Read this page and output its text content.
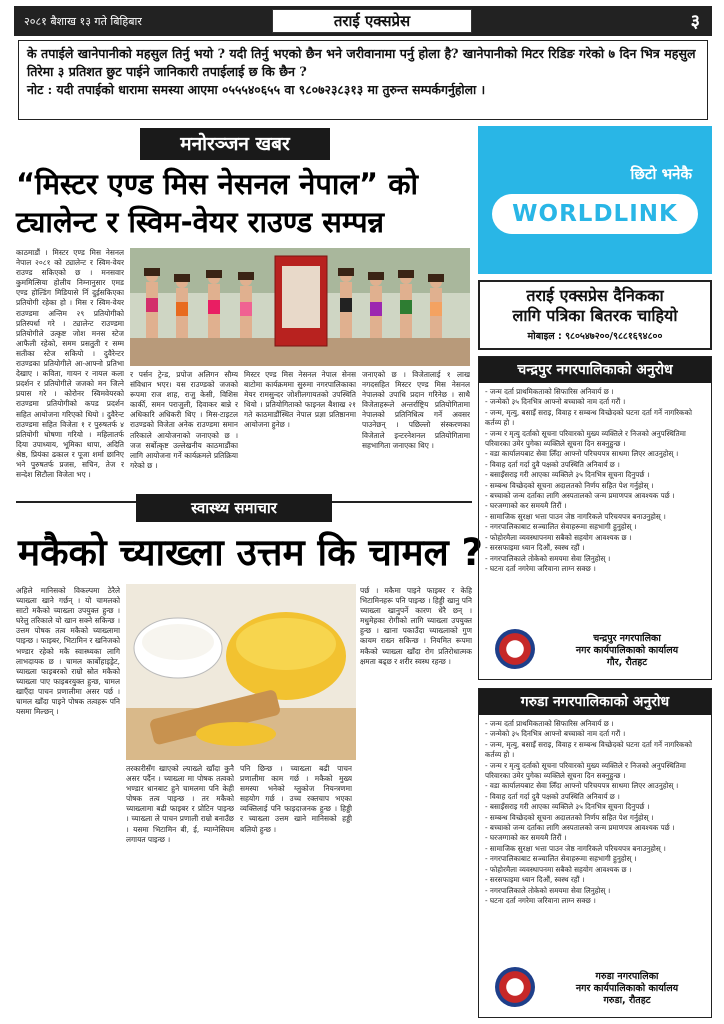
२०८१ बैशाख १३ गते बिहिबार	तराई एक्सप्रेस	३
के तपाईले खानेपानीको महसुल तिर्नु भयो ? यदी तिर्नु भएको छैन भने जरीवानामा पर्नु होला है? खानेपानीको मिटर रिडिङ गरेको ७ दिन भित्र महसुल तिरेमा ३ प्रतिशत छुट पाईने जानिकारी तपाईलाई छ कि छैन ?
नोट : यदी तपाईको धारामा समस्या आएमा ०५५५४०६५५ वा ९८०७२३८३१३ मा तुरुन्त सम्पर्कगर्नुहोला ।
मनोरञ्जन खबर
“मिस्टर एण्ड मिस नेसनल नेपाल” को
ट्यालेन्ट र स्विम-वेयर राउण्ड सम्पन्न
काठमाडौं । मिस्टर एण्ड मिस नेसनल नेपाल २०८१ को ट्यालेन्ट र स्विम-वेयर राउण्ड सकिएको छ । मनसवार कुममित्सिया होलीय निम्नानुसार एमड एण्ड होल्डिंग मिडियासे र्नि दुईसकिएका प्रतियोगी रहेका हो । मिस र स्विम-वेयर राउण्डमा अन्तिम २९ प्रतियोगीको प्रतिस्पर्धा गरे । ट्यालेन्ट राउण्डमा प्रतियोगीले उत्कृष्ट जोश मनस स्टेज आफैली रहेको, समम प्रसतुती र सम्म सतीका स्टेज सकियो । दुवैरेन्टर राउण्डका प्रतियोगीले आ-आफ्नो प्रतिभा देखाए । कविता, गायन र नायल कला प्रदर्शन र प्रतियोगीले जजको मन जित्ने प्रयास गरे । कोरोनर स्विमवेयरको राउण्डमा प्रतियोगीको कपड प्रदर्शन सहित आयोजना गरिएको थियो । दुवैरेन्ट राउण्डमा सहित विजेता १ र पुरुषतर्फ ४ प्रतियोगी घोषणा गरियो । महिलातर्फ दिया उपाध्याय, भूमिका थापा, अदिति श्रेष्ठ, प्रियंका ढकाल र पूजा शर्मा छानिए भने पुरुषतर्फ प्रजस, सचिन, तेज र सन्देश सिटौला विजेता भए ।
र पर्सन ट्रेन्ड, प्रपोज अलिगन सौम्य संविधान भएर। यस राउण्डको जजको रूपमा राज शाह, राजु केसी, विशिस कार्की, समन पराजुली, दिवाकर बान्ने र अधिकारि अधिकरी थिए । मिस-टाइटल राउण्डको विजेता अनेक राउण्डमा समान तरिकाले आयोजनाको जनाएको छ । जज सर्बोत्कृष्ट उल्लेखनीय काठमाडौंका लागि आयोजना गर्ने कार्यक्रमले प्रतिक्रिया गरेको छ ।
मिस्टर एण्ड मिस नेसनल नेपाल सेनस बाटोमा कार्यक्रममा सुरुमा नगरपालिकाका मेयर रामसुन्दर जोशीलगायतको उपस्थिति थियो । प्रतियोगिताको फाइनल बैशाख २१ गते काठमाडौंस्थित नेपाल प्रज्ञा प्रतिष्ठानमा आयोजना हुनेछ ।
जनाएको छ । विजेतालाई १ लाख नगदसहित मिस्टर एण्ड मिस नेसनल नेपालको उपाधि प्रदान गरिनेछ । साथै विजेताहरूले अन्तर्राष्ट्रिय प्रतियोगितामा नेपालको प्रतिनिधित्व गर्ने अवसर पाउनेछन् । पछिल्लो संस्करणका विजेताले इन्टरनेशनल प्रतियोगितामा सहभागिता जनाएका थिए ।
स्वास्थ्य समाचार
मकैको च्याख्ला उत्तम कि चामल ?
अहिले मानिसको विकल्पमा ठेरैले च्याख्ला खाने गर्छन् । यो चामलको साटो मकैको च्याख्ला उपयुक्त हुन्छ । घरेलु तरिकाले यो खान सक्ने सकिन्छ । उत्तम पोषक तत्व मकैको च्याख्लामा पाइन्छ । फाइबर, भिटामिन र खनिजको भण्डार रहेको मकै स्वास्थ्यका लागि लाभदायक छ । चामल कार्बोहाइड्रेट, च्याख्ला फाइबरको राम्रो स्रोत मकैको च्याख्ला पाए फाइबरयुक्त हुन्छ, चामल खाएँदा पाचन प्रणालीमा असर पर्छ । चामल खाँदा पाइने पोषक तत्वहरू पनि यसमा मिल्छन् ।
तरकारीसँग खाएको ल्याख्ले खाँदा कुनै असर पर्दैन । च्याख्ला मा पोषक तत्वको भण्डार धानबाट हुने चामलमा पनि केही पोषक तत्व पाइन्छ । तर मकैको च्याख्लामा बढी फाइबर र प्रोटिन पाइन्छ । च्याख्ला ले पाचन प्रणाली राम्रो बनाउँछ । यसमा भिटामिन बी, ई, म्याग्नेसियम लगायत पाइन्छ ।
पनि छिन्छ । च्याख्ला बढी पाचन प्रणालीमा काम गर्छ । मकैको मुख्य समस्या भनेको ग्लुकोज नियन्त्रणमा सहयोग गर्छ । उच्च रक्तचाप भएका व्यक्तिलाई पनि फाइदाजनक हुन्छ । हिड्डी र च्याख्ला उत्तम खाने मानिसको हड्डी बलियो हुन्छ ।
पर्छ । मकैमा पाइने फाइबर र केहि भिटामिनहरू पनि पाइन्छ । हिड्डी खानु पनि च्याख्ला खानुपर्ने कारण धेरै छन् । मधुमेहका रोगीको लागि च्याख्ला उपयुक्त हुन्छ । खाना पकाउँदा च्याख्लाको गुण कायम राख्न सकिन्छ । नियमित रूपमा मकैको च्याख्ला खाँदा रोग प्रतिरोधात्मक क्षमता बढ्छ र शरीर स्वस्थ रहन्छ ।
छिटो भनेकै
WORLDLINK
तराई एक्सप्रेस दैनिकका
लागि पत्रिका बितरक चाहियो
मोबाइल : ९८०५४७२००/९८८१६९४८००
चन्द्रपुर नगरपालिकाको अनुरोध
- जन्म दर्ता प्राथमिकताको सिफारिस अनिवार्य छ ।
- जन्मेको ३५ दिनभित्र आफ्नो बच्चाको नाम दर्ता गरौं ।
- जन्म, मृत्यु, बसाइँ सराइ, विवाह र सम्बन्ध विच्छेदको घटना दर्ता गर्ने नागरिकको कर्तव्य हो ।
- जन्म र मृत्यु दर्ताको सूचना परिवारको मुख्य व्यक्तिले र निजको अनुपस्थितिमा परिवारका उमेर पुगेका व्यक्तिले सूचना दिन सक्नुहुन्छ ।
- वडा कार्यालयबाट सेवा लिँदा आफ्नो परिचयपत्र साथमा लिएर आउनुहोस् ।
- विवाह दर्ता गर्दा दुवै पक्षको उपस्थिति अनिवार्य छ ।
- बसाइँसराइ गरी आएका व्यक्तिले ३५ दिनभित्र सूचना दिनुपर्छ ।
- सम्बन्ध विच्छेदको सूचना अदालतको निर्णय सहित पेश गर्नुहोस् ।
- बच्चाको जन्म दर्ताका लागि अस्पतालको जन्म प्रमाणपत्र आवश्यक पर्छ ।
- घरजग्गाको कर समयमै तिरौं ।
- सामाजिक सुरक्षा भत्ता पाउन जेष्ठ नागरिकले परिचयपत्र बनाउनुहोस् ।
- नगरपालिकाबाट सञ्चालित सेवाहरूमा सहभागी हुनुहोस् ।
- फोहोरमैला व्यवस्थापनमा सबैको सहयोग आवश्यक छ ।
- सरसफाइमा ध्यान दिऔं, स्वस्थ रहौं ।
- नगरपालिकाले तोकेको समयमा सेवा लिनुहोस् ।
- घटना दर्ता नगरेमा जरिवाना लाग्न सक्छ ।
चन्द्रपुर नगरपालिका
नगर कार्यपालिकाको कार्यालय
गौर, रौतहट
गरुडा नगरपालिकाको अनुरोध
- जन्म दर्ता प्राथमिकताको सिफारिस अनिवार्य छ ।
- जन्मेको ३५ दिनभित्र आफ्नो बच्चाको नाम दर्ता गरौं ।
- जन्म, मृत्यु, बसाइँ सराइ, विवाह र सम्बन्ध विच्छेदको घटना दर्ता गर्ने नागरिकको कर्तव्य हो ।
- जन्म र मृत्यु दर्ताको सूचना परिवारको मुख्य व्यक्तिले र निजको अनुपस्थितिमा परिवारका उमेर पुगेका व्यक्तिले सूचना दिन सक्नुहुन्छ ।
- वडा कार्यालयबाट सेवा लिँदा आफ्नो परिचयपत्र साथमा लिएर आउनुहोस् ।
- विवाह दर्ता गर्दा दुवै पक्षको उपस्थिति अनिवार्य छ ।
- बसाइँसराइ गरी आएका व्यक्तिले ३५ दिनभित्र सूचना दिनुपर्छ ।
- सम्बन्ध विच्छेदको सूचना अदालतको निर्णय सहित पेश गर्नुहोस् ।
- बच्चाको जन्म दर्ताका लागि अस्पतालको जन्म प्रमाणपत्र आवश्यक पर्छ ।
- घरजग्गाको कर समयमै तिरौं ।
- सामाजिक सुरक्षा भत्ता पाउन जेष्ठ नागरिकले परिचयपत्र बनाउनुहोस् ।
- नगरपालिकाबाट सञ्चालित सेवाहरूमा सहभागी हुनुहोस् ।
- फोहोरमैला व्यवस्थापनमा सबैको सहयोग आवश्यक छ ।
- सरसफाइमा ध्यान दिऔं, स्वस्थ रहौं ।
- नगरपालिकाले तोकेको समयमा सेवा लिनुहोस् ।
- घटना दर्ता नगरेमा जरिवाना लाग्न सक्छ ।
गरुडा नगरपालिका
नगर कार्यपालिकाको कार्यालय
गरुडा, रौतहट
